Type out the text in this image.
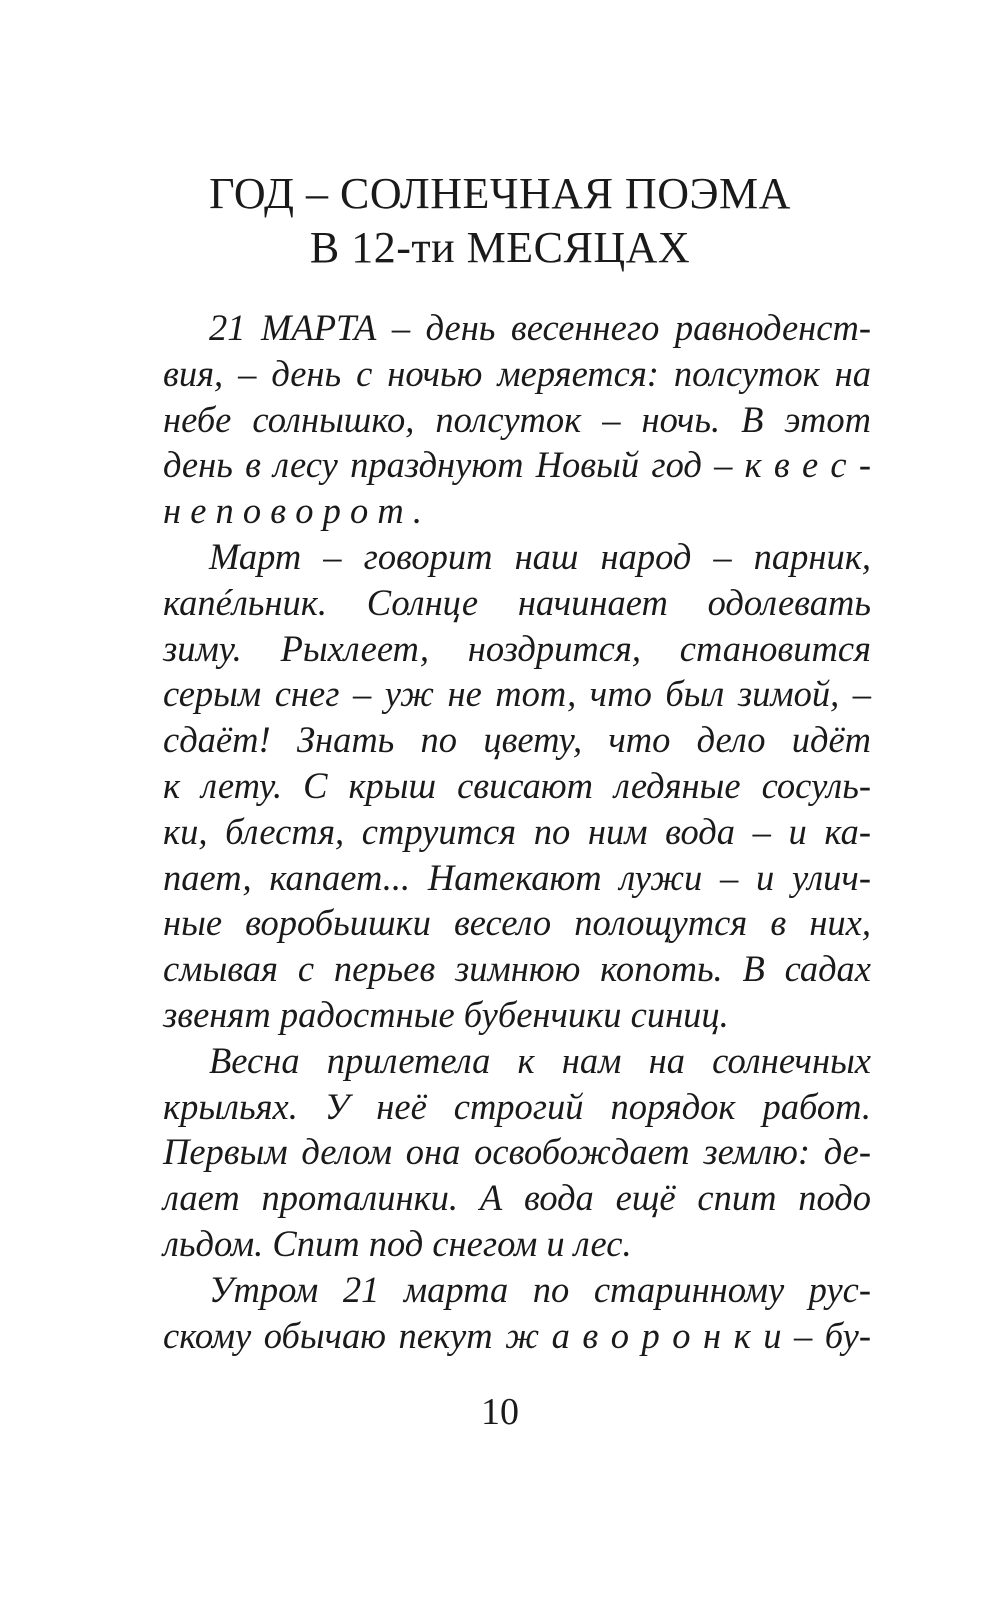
ГОД – СОЛНЕЧНАЯ ПОЭМА
В 12-ти МЕСЯЦАХ
21 МАРТА – день весеннего равноденст-
вия, – день с ночью меряется: полсуток на
небе солнышко, полсуток – ночь. В этот
день в лесу празднуют Новый год – к в е с -
н е п о в о р о т .
Март – говорит наш народ – парник,
капéльник. Солнце начинает одолевать
зиму. Рыхлеет, ноздрится, становится
серым снег – уж не тот, что был зимой, –
сдаёт! Знать по цвету, что дело идёт
к лету. С крыш свисают ледяные сосуль-
ки, блестя, струится по ним вода – и ка-
пает, капает... Натекают лужи – и улич-
ные воробьишки весело полощутся в них,
смывая с перьев зимнюю копоть. В садах
звенят радостные бубенчики синиц.
Весна прилетела к нам на солнечных
крыльях. У неё строгий порядок работ.
Первым делом она освобождает землю: де-
лает проталинки. А вода ещё спит подо
льдом. Спит под снегом и лес.
Утром 21 марта по старинному рус-
скому обычаю пекут ж а в о р о н к и – бу-
10
